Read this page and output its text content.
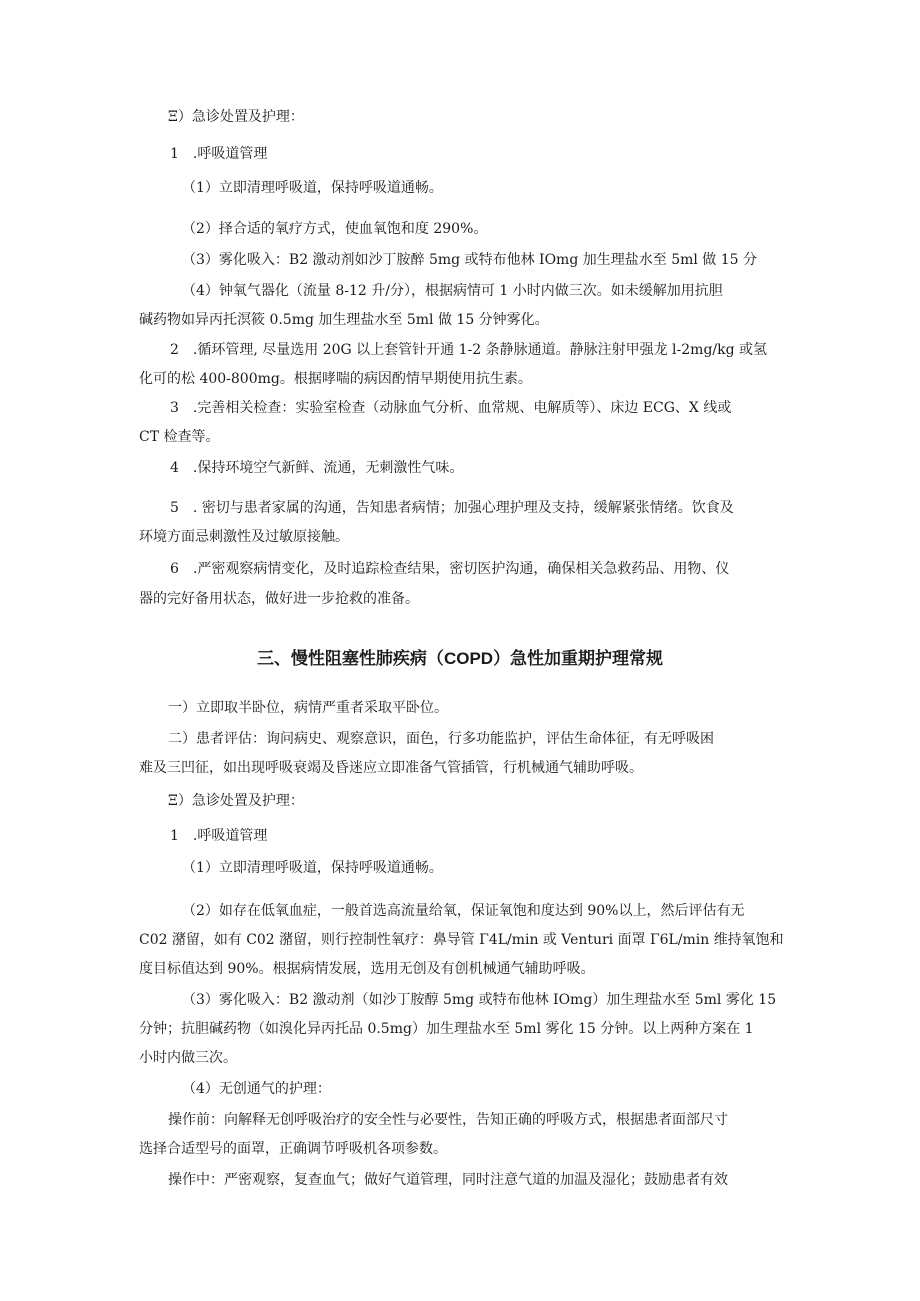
Ξ）急诊处置及护理：

1　.呼吸道管理

（1）立即清理呼吸道，保持呼吸道通畅。

（2）择合适的氧疗方式，使血氧饱和度 290%。

（3）雾化吸入：B2 激动剂如沙丁胺醉 5mg 或特布他林 IOmg 加生理盐水至 5ml 做 15 分

（4）钟氧气器化（流量 8-12 升/分），根据病情可 1 小时内做三次。如未缓解加用抗胆

碱药物如异丙托溟筱 0.5mg 加生理盐水至 5ml 做 15 分钟雾化。

2　.循环管理, 尽量选用 20G 以上套管针开通 1-2 条静脉通道。静脉注射甲强龙 l-2mg/kg 或氢

化可的松 400-800mg。根据哮喘的病因酌情早期使用抗生素。

3　.完善相关检查：实验室检查（动脉血气分析、血常规、电解质等）、床边 ECG、X 线或

CT 检查等。

4　.保持环境空气新鲜、流通，无刺激性气味。

5　. 密切与患者家属的沟通，告知患者病情；加强心理护理及支持，缓解紧张情绪。饮食及

环境方面忌刺激性及过敏原接触。

6　.严密观察病情变化，及时追踪检查结果，密切医护沟通，确保相关急救药品、用物、仪

器的完好备用状态，做好进一步抢救的准备。

三、慢性阻塞性肺疾病（COPD）急性加重期护理常规

一）立即取半卧位，病情严重者采取平卧位。

二）患者评估：询问病史、观察意识，面色，行多功能监护，评估生命体征，有无呼吸困

难及三凹征，如出现呼吸衰竭及昏迷应立即准备气管插管，行机械通气辅助呼吸。

Ξ）急诊处置及护理：

1　.呼吸道管理

（1）立即清理呼吸道，保持呼吸道通畅。

（2）如存在低氧血症，一般首选高流量给氧，保证氧饱和度达到 90%以上，然后评估有无

C02 潴留，如有 C02 潴留，则行控制性氧疗：鼻导管 Γ4L/min 或 Venturi 面罩 Γ6L/min 维持氧饱和

度目标值达到 90%。根据病情发展，选用无创及有创机械通气辅助呼吸。

（3）雾化吸入：B2 激动剂（如沙丁胺醇 5mg 或特布他林 IOmg）加生理盐水至 5ml 雾化 15

分钟；抗胆碱药物（如溴化异丙托品 0.5mg）加生理盐水至 5ml 雾化 15 分钟。以上两种方案在 1

小时内做三次。

（4）无创通气的护理：

操作前：向解释无创呼吸治疗的安全性与必要性，告知正确的呼吸方式，根据患者面部尺寸

选择合适型号的面罩，正确调节呼吸机各项参数。

操作中：严密观察，复查血气；做好气道管理，同时注意气道的加温及湿化；鼓励患者有效
